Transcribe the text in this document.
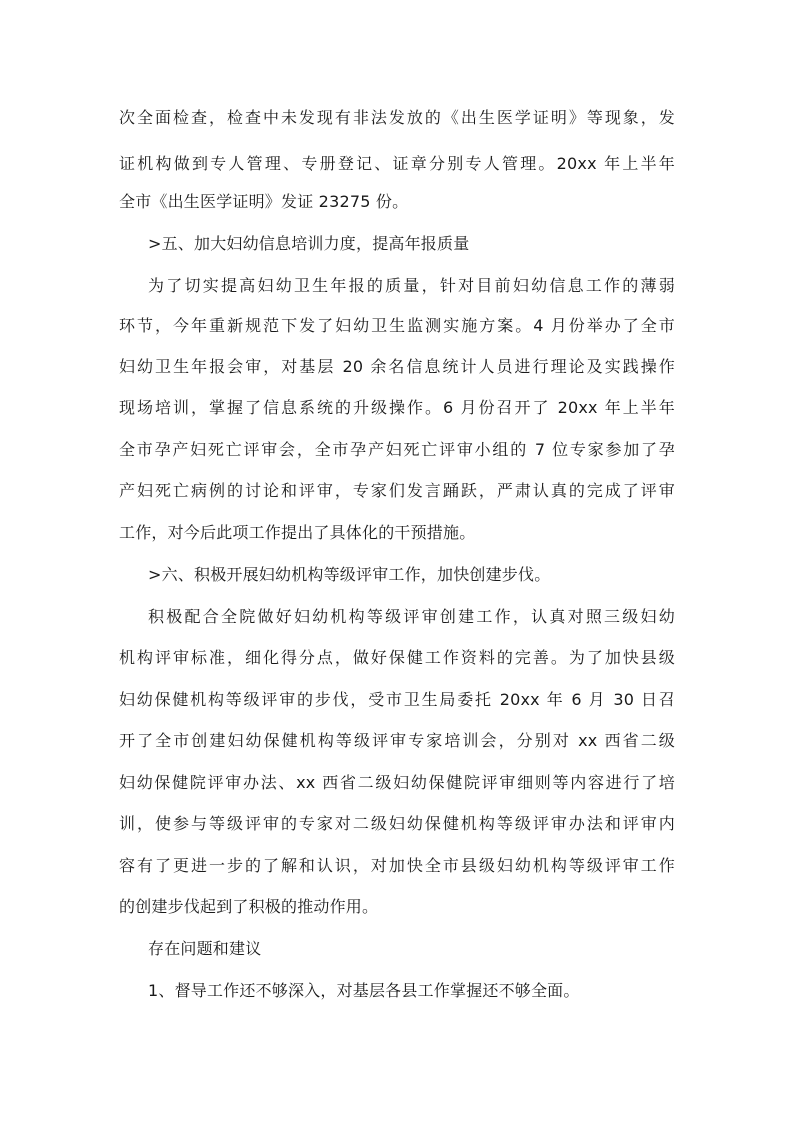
次全面检查，检查中未发现有非法发放的《出生医学证明》等现象，发
证机构做到专人管理、专册登记、证章分别专人管理。20xx 年上半年
全市《出生医学证明》发证 23275 份。
>五、加大妇幼信息培训力度，提高年报质量
为了切实提高妇幼卫生年报的质量，针对目前妇幼信息工作的薄弱
环节，今年重新规范下发了妇幼卫生监测实施方案。4 月份举办了全市
妇幼卫生年报会审，对基层 20 余名信息统计人员进行理论及实践操作
现场培训，掌握了信息系统的升级操作。6 月份召开了 20xx 年上半年
全市孕产妇死亡评审会，全市孕产妇死亡评审小组的 7 位专家参加了孕
产妇死亡病例的讨论和评审，专家们发言踊跃，严肃认真的完成了评审
工作，对今后此项工作提出了具体化的干预措施。
>六、积极开展妇幼机构等级评审工作，加快创建步伐。
积极配合全院做好妇幼机构等级评审创建工作，认真对照三级妇幼
机构评审标准，细化得分点，做好保健工作资料的完善。为了加快县级
妇幼保健机构等级评审的步伐，受市卫生局委托 20xx 年 6 月 30 日召
开了全市创建妇幼保健机构等级评审专家培训会，分别对 xx 西省二级
妇幼保健院评审办法、xx 西省二级妇幼保健院评审细则等内容进行了培
训，使参与等级评审的专家对二级妇幼保健机构等级评审办法和评审内
容有了更进一步的了解和认识，对加快全市县级妇幼机构等级评审工作
的创建步伐起到了积极的推动作用。
存在问题和建议
1、督导工作还不够深入，对基层各县工作掌握还不够全面。
